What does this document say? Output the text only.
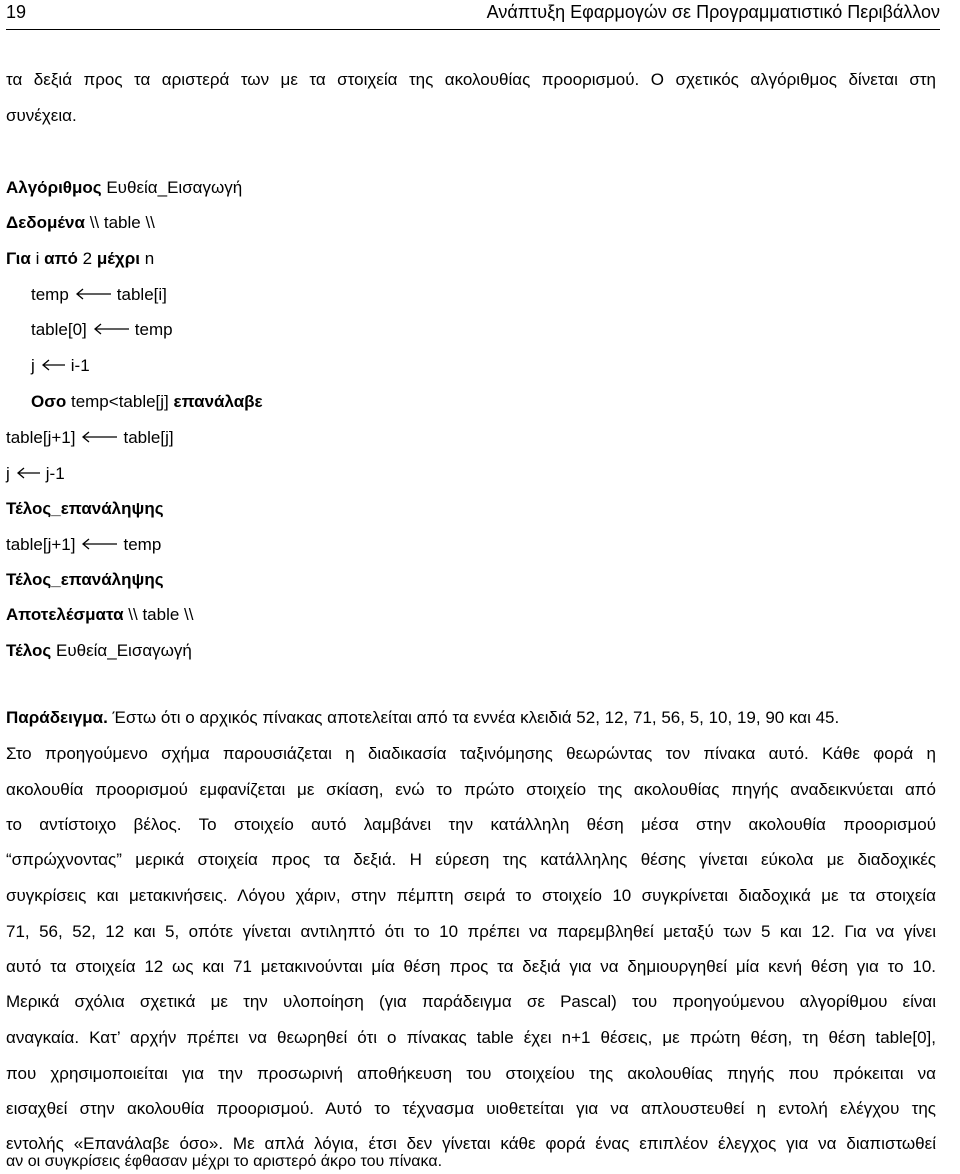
19	Ανάπτυξη Εφαρμογών σε Προγραμματιστικό Περιβάλλον
τα δεξιά προς τα αριστερά των με τα στοιχεία της ακολουθίας προορισμού. Ο σχετικός αλγόριθμος δίνεται στη
συνέχεια.
Αλγόριθμος Ευθεία_Εισαγωγή
Δεδομένα \\ table \\
Για i από 2 μέχρι n
temp	table[i]
table[0]	temp
j i-1
Οσο temp<table[j] επανάλαβε
table[j+1]	table[j]
j j-1
Τέλος_επανάληψης
table[j+1]	temp
Τέλος_επανάληψης
Αποτελέσματα \\ table \\
Τέλος Ευθεία_Εισαγωγή
Παράδειγμα. Έστω ότι ο αρχικός πίνακας αποτελείται από τα εννέα κλειδιά 52, 12, 71, 56, 5, 10, 19, 90 και 45.
Στο προηγούμενο σχήμα παρουσιάζεται η διαδικασία ταξινόμησης θεωρώντας τον πίνακα αυτό. Κάθε φορά η
ακολουθία προορισμού εμφανίζεται με σκίαση, ενώ το πρώτο στοιχείο της ακολουθίας πηγής αναδεικνύεται από
το αντίστοιχο βέλος. Το στοιχείο αυτό λαμβάνει την κατάλληλη θέση μέσα στην ακολουθία προορισμού
“σπρώχνοντας” μερικά στοιχεία προς τα δεξιά. Η εύρεση της κατάλληλης θέσης γίνεται εύκολα με διαδοχικές
συγκρίσεις και μετακινήσεις. Λόγου χάριν, στην πέμπτη σειρά το στοιχείο 10 συγκρίνεται διαδοχικά με τα στοιχεία
71, 56, 52, 12 και 5, οπότε γίνεται αντιληπτό ότι το 10 πρέπει να παρεμβληθεί μεταξύ των 5 και 12. Για να γίνει
αυτό τα στοιχεία 12 ως και 71 μετακινούνται μία θέση προς τα δεξιά για να δημιουργηθεί μία κενή θέση για το 10.
Μερικά σχόλια σχετικά με την υλοποίηση (για παράδειγμα σε Pascal) του προηγούμενου αλγορίθμου είναι
αναγκαία. Κατ’ αρχήν πρέπει να θεωρηθεί ότι ο πίνακας table έχει n+1 θέσεις, με πρώτη θέση, τη θέση table[0],
που χρησιμοποιείται για την προσωρινή αποθήκευση του στοιχείου της ακολουθίας πηγής που πρόκειται να
εισαχθεί στην ακολουθία προορισμού. Αυτό το τέχνασμα υιοθετείται για να απλουστευθεί η εντολή ελέγχου της
εντολής «Επανάλαβε όσο». Με απλά λόγια, έτσι δεν γίνεται κάθε φορά ένας επιπλέον έλεγχος για να διαπιστωθεί
αν οι συγκρίσεις έφθασαν μέχρι το αριστερό άκρο του πίνακα.
